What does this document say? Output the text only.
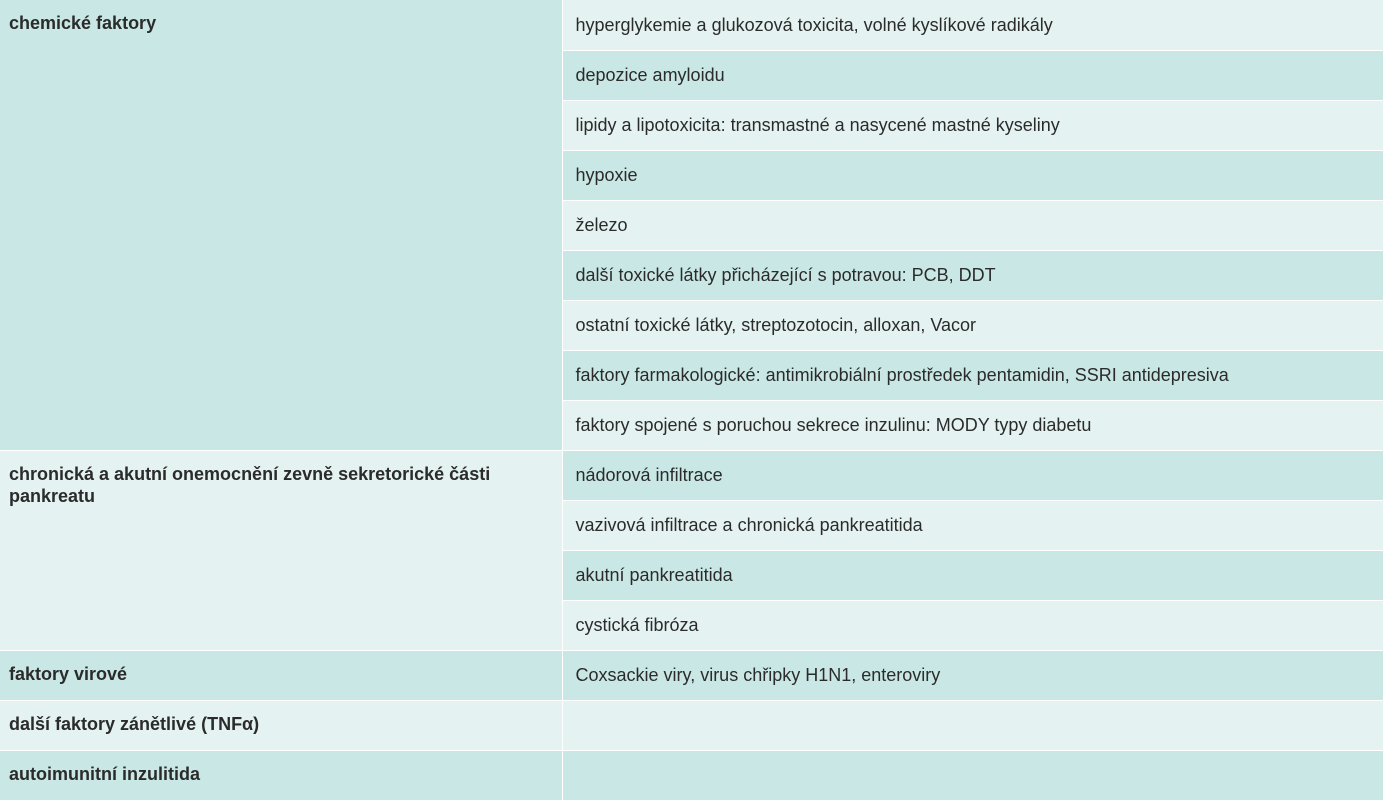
chemické faktory	hyperglykemie a glukozová toxicita, volné kyslíkové radikály
	depozice amyloidu
	lipidy a lipotoxicita: transmastné a nasycené mastné kyseliny
	hypoxie
	železo
	další toxické látky přicházející s potravou: PCB, DDT
	ostatní toxické látky, streptozotocin, alloxan, Vacor
	faktory farmakologické: antimikrobiální prostředek pentamidin, SSRI antidepresiva
	faktory spojené s poruchou sekrece inzulinu: MODY typy diabetu
chronická a akutní onemocnění zevně sekretorické části pankreatu	nádorová infiltrace
	vazivová infiltrace a chronická pankreatitida
	akutní pankreatitida
	cystická fibróza
faktory virové	Coxsackie viry, virus chřipky H1N1, enteroviry
další faktory zánětlivé (TNFα)	
autoimunitní inzulitida	
